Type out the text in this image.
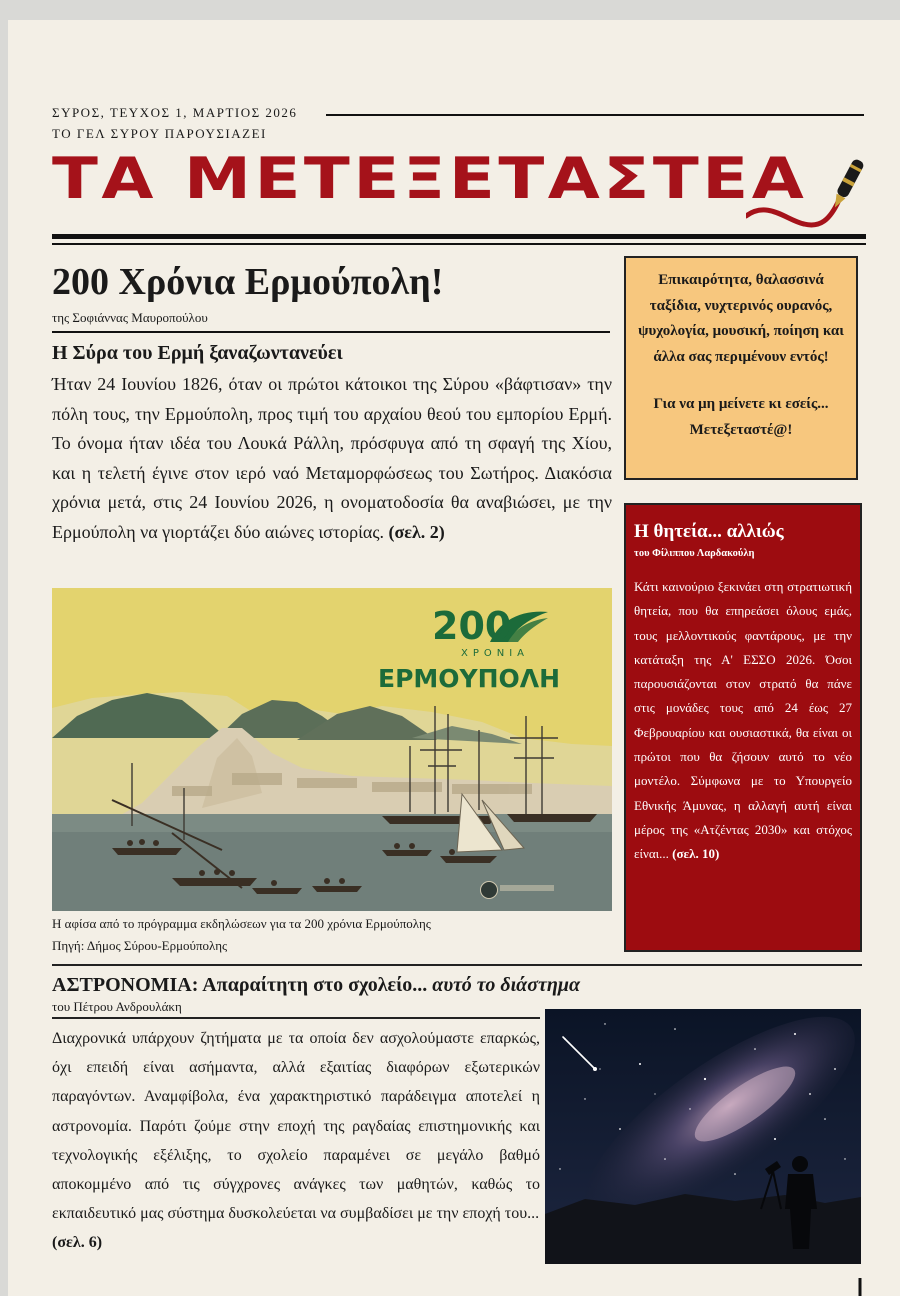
ΣΥΡΟΣ, ΤΕΥΧΟΣ 1, ΜΑΡΤΙΟΣ 2026
ΤΟ ΓΕΛ ΣΥΡΟΥ ΠΑΡΟΥΣΙΑΖΕΙ
ΤΑ ΜΕΤΕΞΕΤΑΣΤΕΑ
200 Χρόνια Ερμούπολη!
της Σοφιάννας Μαυροπούλου
Η Σύρα του Ερμή ξαναζωντανεύει
Ήταν 24 Ιουνίου 1826, όταν οι πρώτοι κάτοικοι της Σύρου «βάφτισαν» την πόλη τους, την Ερμούπολη, προς τιμή του αρχαίου θεού του εμπορίου Ερμή. Το όνομα ήταν ιδέα του Λουκά Ράλλη, πρόσφυγα από τη σφαγή της Χίου, και η τελετή έγινε στον ιερό ναό Μεταμορφώσεως του Σωτήρος. Διακόσια χρόνια μετά, στις 24 Ιουνίου 2026, η ονοματοδοσία θα αναβιώσει, με την Ερμούπολη να γιορτάζει δύο αιώνες ιστορίας. (σελ. 2)
200
ΧΡΟΝΙΑ
ΕΡΜΟΥΠΟΛΗ
Η αφίσα από το πρόγραμμα εκδηλώσεων για τα 200 χρόνια Ερμούπολης
Πηγή: Δήμος Σύρου-Ερμούπολης
Επικαιρότητα, θαλασσινά ταξίδια, νυχτερινός ουρανός, ψυχολογία, μουσική, ποίηση και άλλα σας περιμένουν εντός!
Για να μη μείνετε κι εσείς... Μετεξεταστέ@!
Η θητεία... αλλιώς
του Φίλιππου Λαρδακούλη
Κάτι καινούριο ξεκινάει στη στρατιωτική θητεία, που θα επηρεάσει όλους εμάς, τους μελλοντικούς φαντάρους, με την κατάταξη της Α' ΕΣΣΟ 2026. Όσοι παρουσιάζονται στον στρατό θα πάνε στις μονάδες τους από 24 έως 27 Φεβρουαρίου και ουσιαστικά, θα είναι οι πρώτοι που θα ζήσουν αυτό το νέο μοντέλο. Σύμφωνα με το Υπουργείο Εθνικής Άμυνας, η αλλαγή αυτή είναι μέρος της «Ατζέντας 2030» και στόχος είναι... (σελ. 10)
ΑΣΤΡΟΝΟΜΙΑ: Απαραίτητη στο σχολείο... αυτό το διάστημα
του Πέτρου Ανδρουλάκη
Διαχρονικά υπάρχουν ζητήματα με τα οποία δεν ασχολούμαστε επαρκώς, όχι επειδή είναι ασήμαντα, αλλά εξαιτίας διαφόρων εξωτερικών παραγόντων. Αναμφίβολα, ένα χαρακτηριστικό παράδειγμα αποτελεί η αστρονομία. Παρότι ζούμε στην εποχή της ραγδαίας επιστημονικής και τεχνολογικής εξέλιξης, το σχολείο παραμένει σε μεγάλο βαθμό αποκομμένο από τις σύγχρονες ανάγκες των μαθητών, καθώς το εκπαιδευτικό μας σύστημα δυσκολεύεται να συμβαδίσει με την εποχή του...
(σελ. 6)
